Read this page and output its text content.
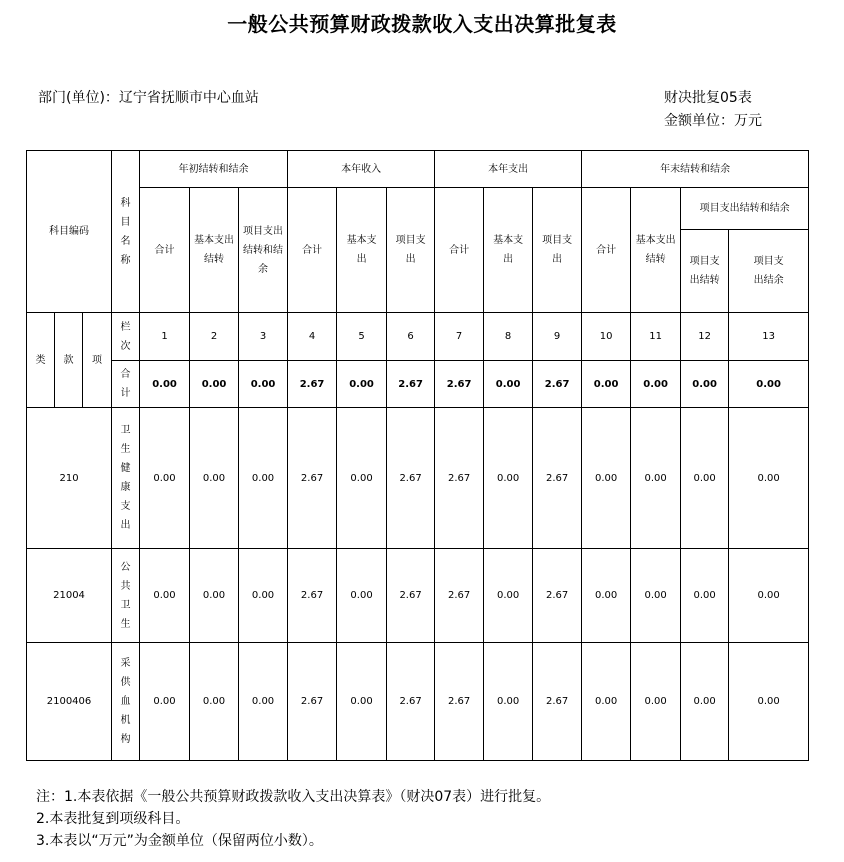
一般公共预算财政拨款收入支出决算批复表
部门(单位)：辽宁省抚顺市中心血站	财决批复05表
金额单位：万元
科目编码			科目名称	年初结转和结余			本年收入			本年支出			年末结转和结余			
				合计	基本支出结转	项目支出结转和结余	合计	基本支出	项目支出	合计	基本支出	项目支出	合计	基本支出结转	项目支出结转和结余	

															项目支出结转	项目支出结余

类	款	项	栏次	1	2	3	4	5	6	7	8	9	10	11	12	13

			合计	0.00	0.00	0.00	2.67	0.00	2.67	2.67	0.00	2.67	0.00	0.00	0.00	0.00
210			卫生健康支出	0.00	0.00	0.00	2.67	0.00	2.67	2.67	0.00	2.67	0.00	0.00	0.00	0.00
21004			公共卫生	0.00	0.00	0.00	2.67	0.00	2.67	2.67	0.00	2.67	0.00	0.00	0.00	0.00
2100406			采供血机构	0.00	0.00	0.00	2.67	0.00	2.67	2.67	0.00	2.67	0.00	0.00	0.00	0.00
注：1.本表依据《一般公共预算财政拨款收入支出决算表》（财决07表）进行批复。
2.本表批复到项级科目。
3.本表以“万元”为金额单位（保留两位小数）。
